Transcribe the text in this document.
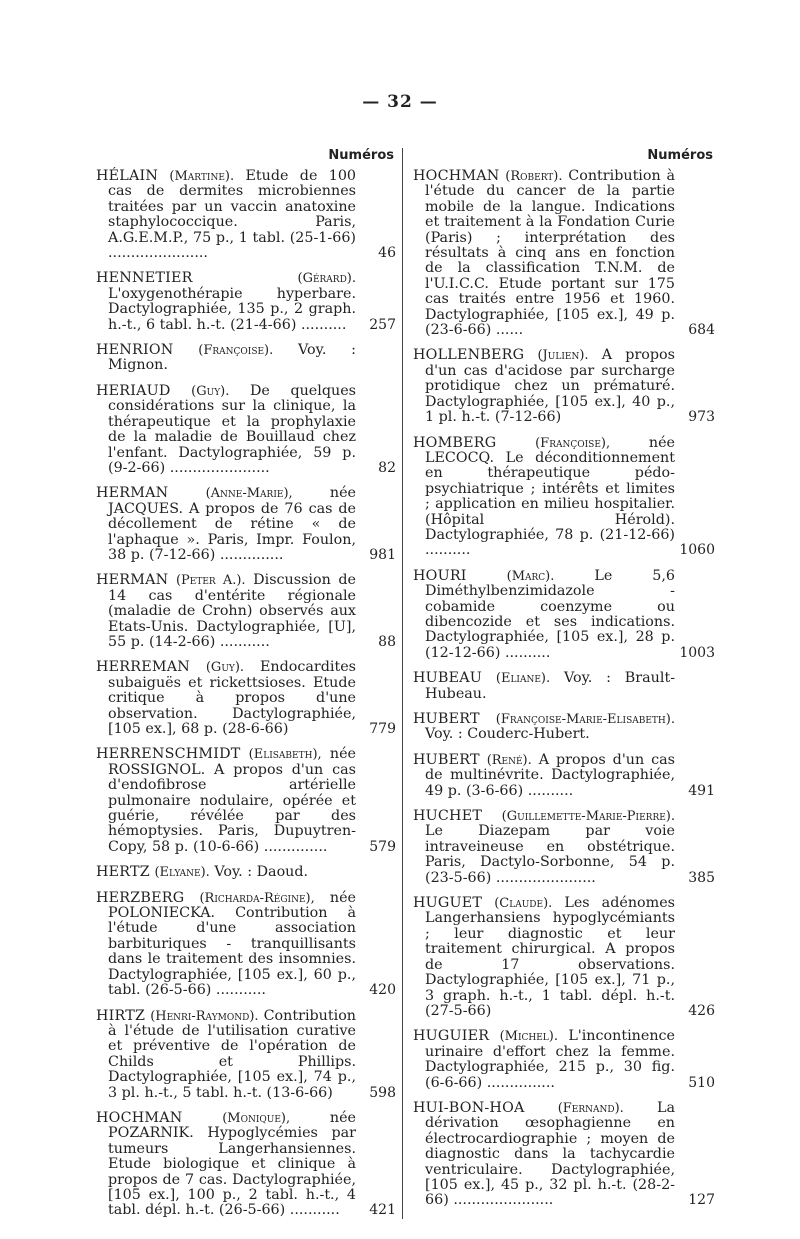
— 32 —
Numéros
HÉLAIN (Martine). Etude de 100 cas de dermites microbiennes traitées par un vaccin anatoxine staphylococcique. Paris, A.G.E.M.P., 75 p., 1 tabl. (25-1-66) ......................	46
HENNETIER	(Gérard). L'oxygenothérapie hyperbare. Dactylographiée, 135 p., 2 graph. h.-t., 6 tabl. h.-t. (21-4-66) ..........	257
HENRION (Françoise). Voy. : Mignon.
HERIAUD (Guy). De quelques considérations sur la clinique, la thérapeutique et la prophylaxie de la maladie de Bouillaud chez l'enfant. Dactylographiée, 59 p. (9-2-66) ......................	82
HERMAN	(Anne-Marie),	née JACQUES. A propos de 76 cas de décollement de rétine « de l'aphaque ». Paris, Impr. Foulon, 38 p. (7-12-66) ..............	981
HERMAN (Peter A.). Discussion de 14 cas d'entérite régionale (maladie de Crohn) observés aux Etats-Unis. Dactylographiée, [U], 55 p. (14-2-66) ...........	88
HERREMAN (Guy). Endocardites subaiguës et rickettsioses. Etude critique à propos d'une observation. Dactylographiée, [105 ex.], 68 p. (28-6-66)	779
HERRENSCHMIDT (Elisabeth), née ROSSIGNOL. A propos d'un cas d'endofibrose artérielle pulmonaire nodulaire, opérée et guérie, révélée par des hémoptysies. Paris, Dupuytren-Copy, 58 p. (10-6-66) ..............	579
HERTZ (Elyane). Voy. : Daoud.
HERZBERG (Richarda-Régine), née POLONIECKA. Contribution à l'étude d'une association barbituriques - tranquillisants dans le traitement des insomnies. Dactylographiée, [105 ex.], 60 p., tabl. (26-5-66) ...........	420
HIRTZ (Henri-Raymond). Contribution à l'étude de l'utilisation curative et préventive de l'opération de Childs et Phillips. Dactylographiée, [105 ex.], 74 p., 3 pl. h.-t., 5 tabl. h.-t. (13-6-66)	598
HOCHMAN	(Monique),	née POZARNIK. Hypoglycémies par tumeurs Langerhansiennes. Etude biologique et clinique à propos de 7 cas. Dactylographiée, [105 ex.], 100 p., 2 tabl. h.-t., 4 tabl. dépl. h.-t. (26-5-66) ...........	421
Numéros
HOCHMAN (Robert). Contribution à l'étude du cancer de la partie mobile de la langue. Indications et traitement à la Fondation Curie (Paris) ; interprétation des résultats à cinq ans en fonction de la classification T.N.M. de l'U.I.C.C. Etude portant sur 175 cas traités entre 1956 et 1960. Dactylographiée, [105 ex.], 49 p. (23-6-66) ......	684
HOLLENBERG (Julien). A propos d'un cas d'acidose par surcharge protidique chez un prématuré. Dactylographiée, [105 ex.], 40 p., 1 pl. h.-t. (7-12-66)	973
HOMBERG	(Françoise),	née LECOCQ. Le déconditionnement en thérapeutique pédo-psychiatrique ; intérêts et limites ; application en milieu hospitalier. (Hôpital Hérold). Dactylographiée, 78 p. (21-12-66) ..........	1060
HOURI	(Marc).	Le 5,6 Diméthylbenzimidazole - cobamide coenzyme ou dibencozide et ses indications. Dactylographiée, [105 ex.], 28 p. (12-12-66) ..........	1003
HUBEAU (Eliane). Voy. : Brault-Hubeau.
HUBERT (Françoise-Marie-Elisabeth). Voy. : Couderc-Hubert.
HUBERT (René). A propos d'un cas de multinévrite. Dactylographiée, 49 p. (3-6-66) ..........	491
HUCHET (Guillemette-Marie-Pierre). Le Diazepam par voie intraveineuse en obstétrique. Paris, Dactylo-Sorbonne, 54 p. (23-5-66) ......................	385
HUGUET (Claude). Les adénomes Langerhansiens hypoglycémiants ; leur diagnostic et leur traitement chirurgical. A propos de 17 observations. Dactylographiée, [105 ex.], 71 p., 3 graph. h.-t., 1 tabl. dépl. h.-t. (27-5-66)	426
HUGUIER (Michel). L'incontinence urinaire d'effort chez la femme. Dactylographiée, 215 p., 30 fig. (6-6-66) ...............	510
HUI-BON-HOA	(Fernand). La dérivation œsophagienne en électrocardiographie ; moyen de diagnostic dans la tachycardie ventriculaire. Dactylographiée, [105 ex.], 45 p., 32 pl. h.-t. (28-2-66) ......................	127
